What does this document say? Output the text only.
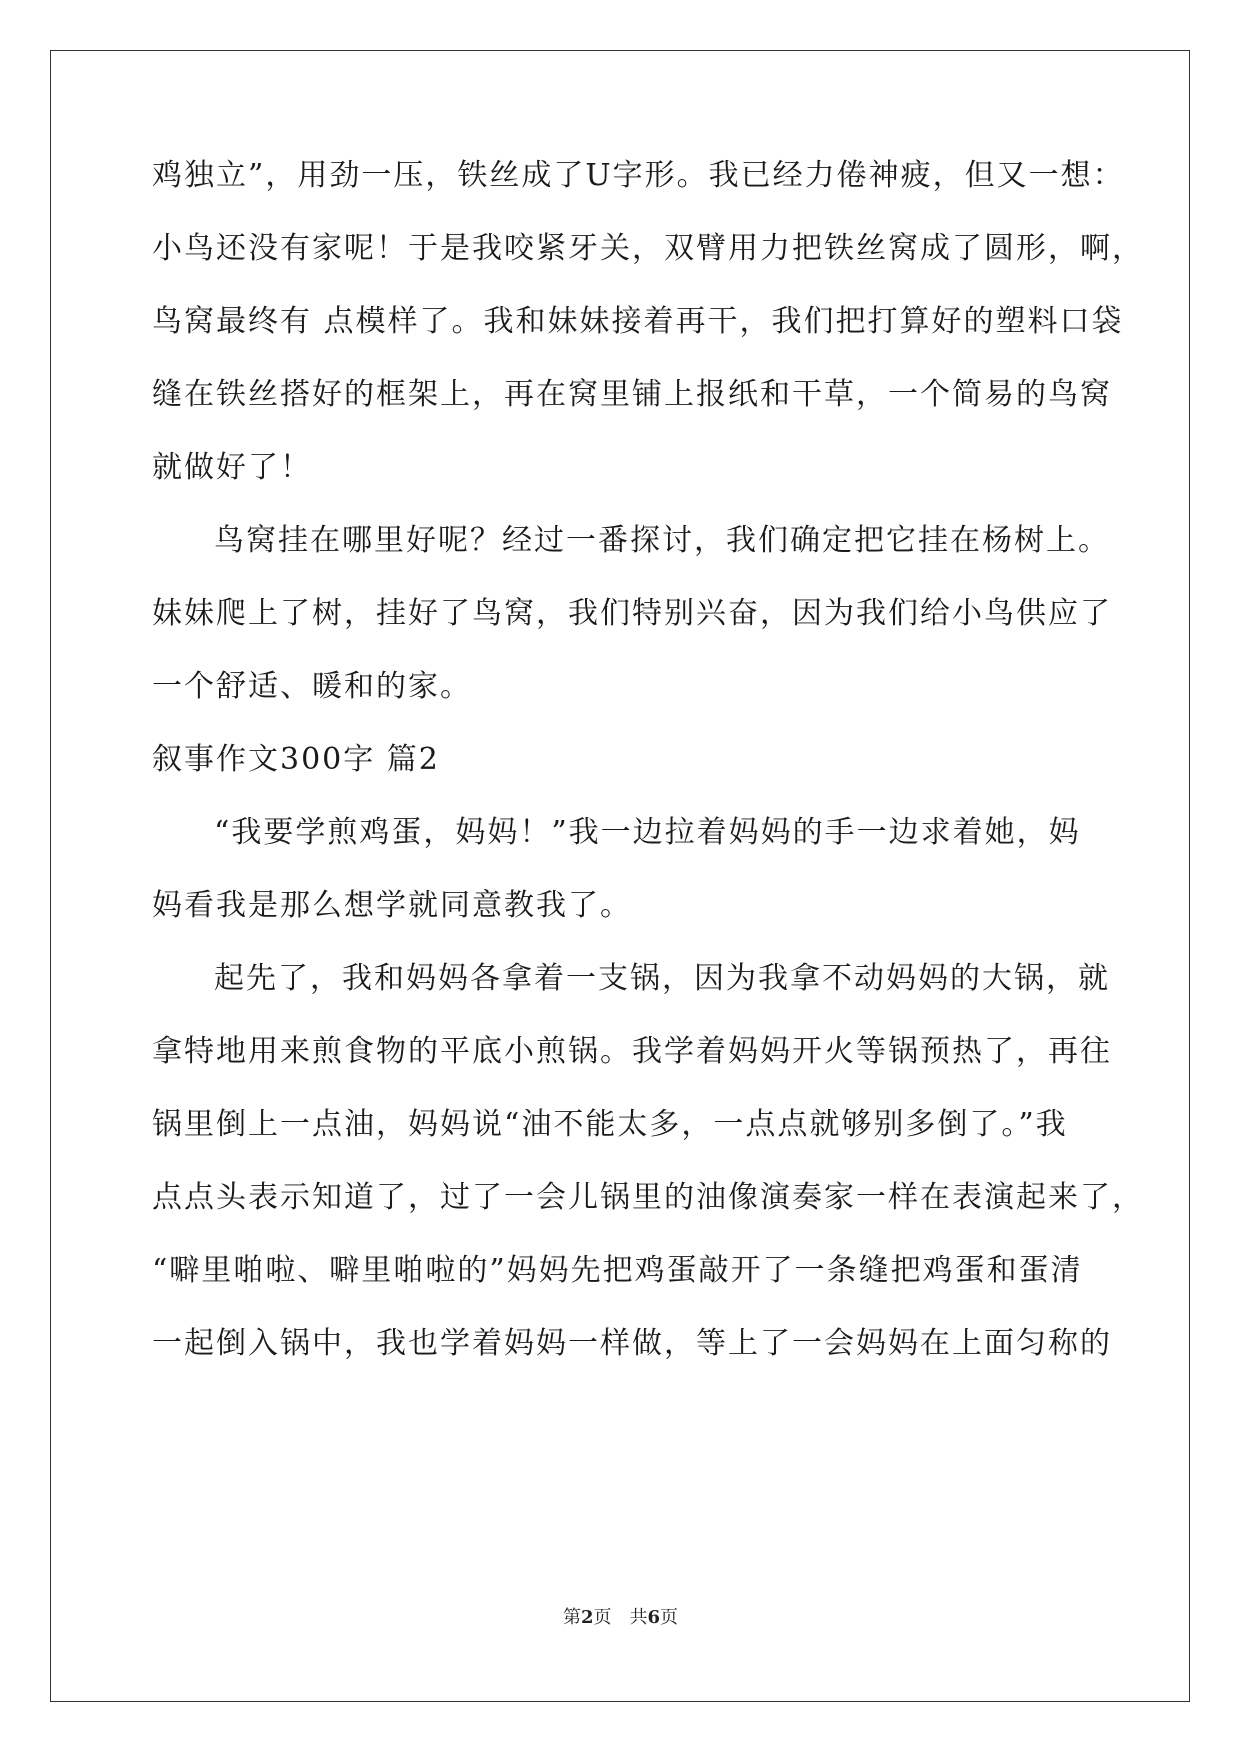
鸡独立”，用劲一压，铁丝成了U字形。我已经力倦神疲，但又一想：
小鸟还没有家呢！于是我咬紧牙关，双臂用力把铁丝窝成了圆形，啊，
鸟窝最终有 点模样了。我和妹妹接着再干，我们把打算好的塑料口袋
缝在铁丝搭好的框架上，再在窝里铺上报纸和干草，一个简易的鸟窝
就做好了！
鸟窝挂在哪里好呢？经过一番探讨，我们确定把它挂在杨树上。
妹妹爬上了树，挂好了鸟窝，我们特别兴奋，因为我们给小鸟供应了
一个舒适、暖和的家。
叙事作文300字 篇2
“我要学煎鸡蛋，妈妈！”我一边拉着妈妈的手一边求着她，妈
妈看我是那么想学就同意教我了。
起先了，我和妈妈各拿着一支锅，因为我拿不动妈妈的大锅，就
拿特地用来煎食物的平底小煎锅。我学着妈妈开火等锅预热了，再往
锅里倒上一点油，妈妈说“油不能太多，一点点就够别多倒了。”我
点点头表示知道了，过了一会儿锅里的油像演奏家一样在表演起来了，
“噼里啪啦、噼里啪啦的”妈妈先把鸡蛋敲开了一条缝把鸡蛋和蛋清
一起倒入锅中，我也学着妈妈一样做，等上了一会妈妈在上面匀称的
第2页　共6页
